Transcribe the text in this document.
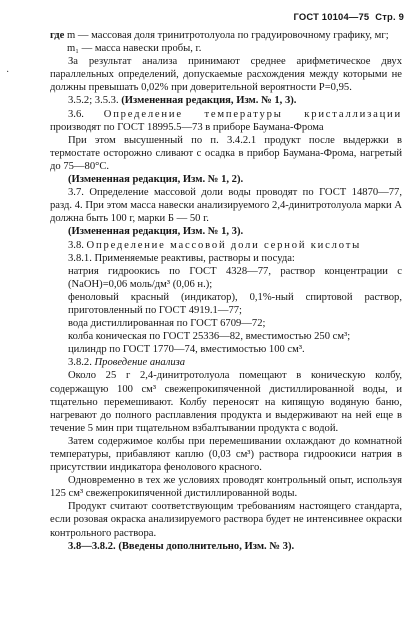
ГОСТ 10104—75 Стр. 9
·
где m — массовая доля тринитротолуола по градуировочному графику, мг;

m₁ — масса навески пробы, г.

За результат анализа принимают среднее арифметическое двух параллельных определений, допускаемые расхождения между которыми не должны превышать 0,02% при доверительной вероятности P=0,95.

3.5.2; 3.5.3. (Измененная редакция, Изм. № 1, 3).

3.6. Определение температуры кристаллизации производят по ГОСТ 18995.5—73 в приборе Баумана-Фрома

При этом высушенный по п. 3.4.2.1 продукт после выдержки в термостате осторожно сливают с осадка в прибор Баумана-Фрома, нагретый до 75—80°С.

(Измененная редакция, Изм. № 1, 2).

3.7. Определение массовой доли воды проводят по ГОСТ 14870—77, разд. 4. При этом масса навески анализируемого 2,4-динитротолуола марки А должна быть 100 г, марки Б — 50 г.

(Измененная редакция, Изм. № 1, 3).

3.8. Определение массовой доли серной кислоты

3.8.1. Применяемые реактивы, растворы и посуда:

натрия гидроокись по ГОСТ 4328—77, раствор концентрации с (NaOH)=0,06 моль/дм³ (0,06 н.);

феноловый красный (индикатор), 0,1%-ный спиртовой раствор, приготовленный по ГОСТ 4919.1—77;

вода дистиллированная по ГОСТ 6709—72;

колба коническая по ГОСТ 25336—82, вместимостью 250 см³;

цилиндр по ГОСТ 1770—74, вместимостью 100 см³.

3.8.2. Проведение анализа

Около 25 г 2,4-динитротолуола помещают в коническую колбу, содержащую 100 см³ свежепрокипяченной дистиллированной воды, и тщательно перемешивают. Колбу переносят на кипящую водяную баню, нагревают до полного расплавления продукта и выдерживают на ней еще в течение 5 мин при тщательном взбалтывании продукта с водой.

Затем содержимое колбы при перемешивании охлаждают до комнатной температуры, прибавляют каплю (0,03 см³) раствора гидроокиси натрия в присутствии индикатора фенолового красного.

Одновременно в тех же условиях проводят контрольный опыт, используя 125 см³ свежепрокипяченной дистиллированной воды.

Продукт считают соответствующим требованиям настоящего стандарта, если розовая окраска анализируемого раствора будет не интенсивнее окраски контрольного раствора.

3.8—3.8.2. (Введены дополнительно, Изм. № 3).
